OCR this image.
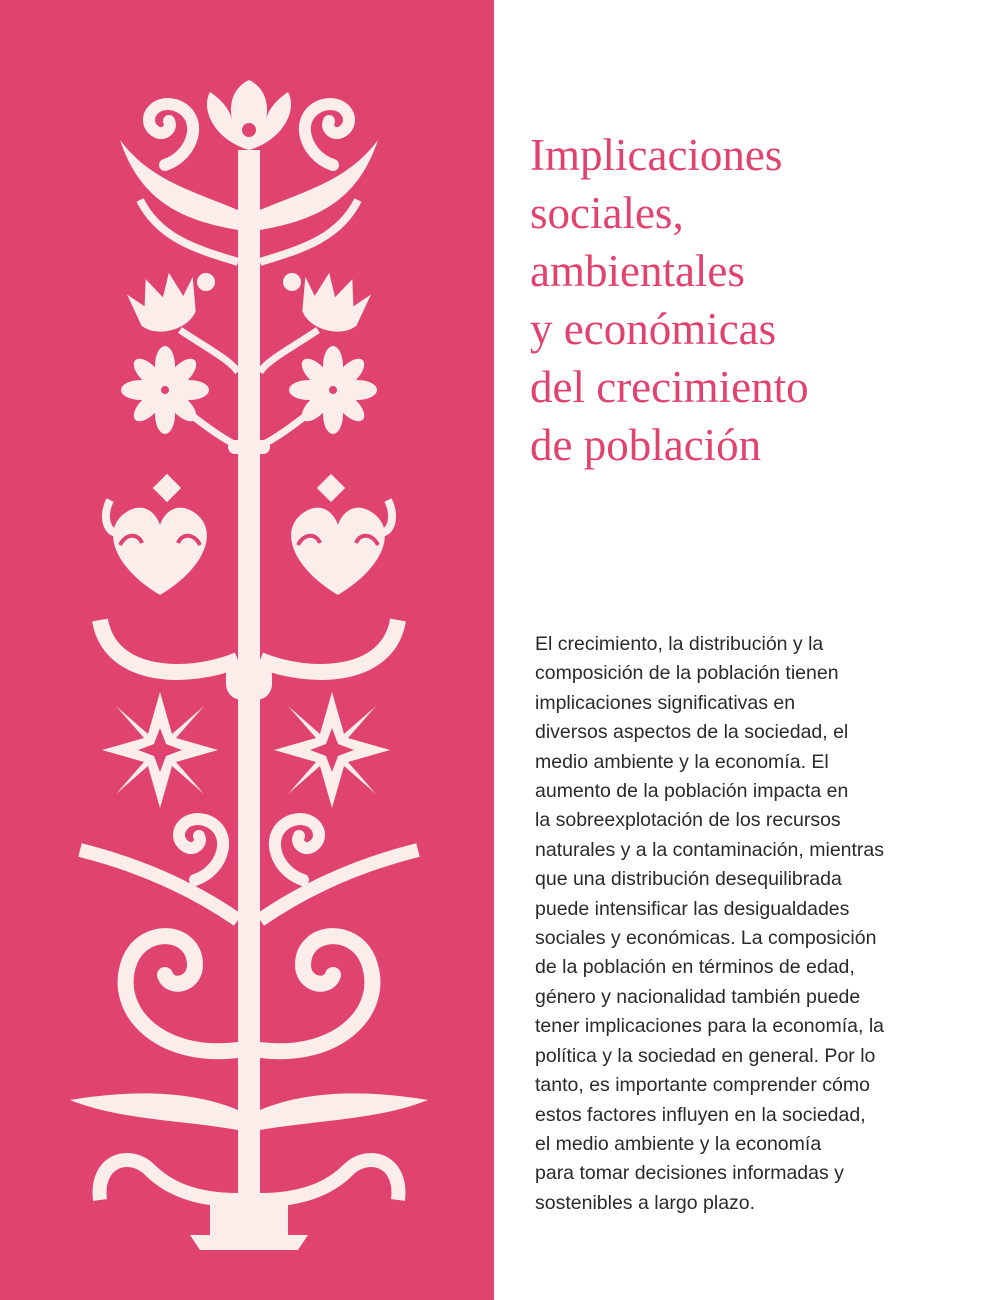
Implicaciones
sociales,
ambientales
y económicas
del crecimiento
de población
El crecimiento, la distribución y la
composición de la población tienen
implicaciones significativas en
diversos aspectos de la sociedad, el
medio ambiente y la economía. El
aumento de la población impacta en
la sobreexplotación de los recursos
naturales y a la contaminación, mientras
que una distribución desequilibrada
puede intensificar las desigualdades
sociales y económicas. La composición
de la población en términos de edad,
género y nacionalidad también puede
tener implicaciones para la economía, la
política y la sociedad en general. Por lo
tanto, es importante comprender cómo
estos factores influyen en la sociedad,
el medio ambiente y la economía
para tomar decisiones informadas y
sostenibles a largo plazo.
